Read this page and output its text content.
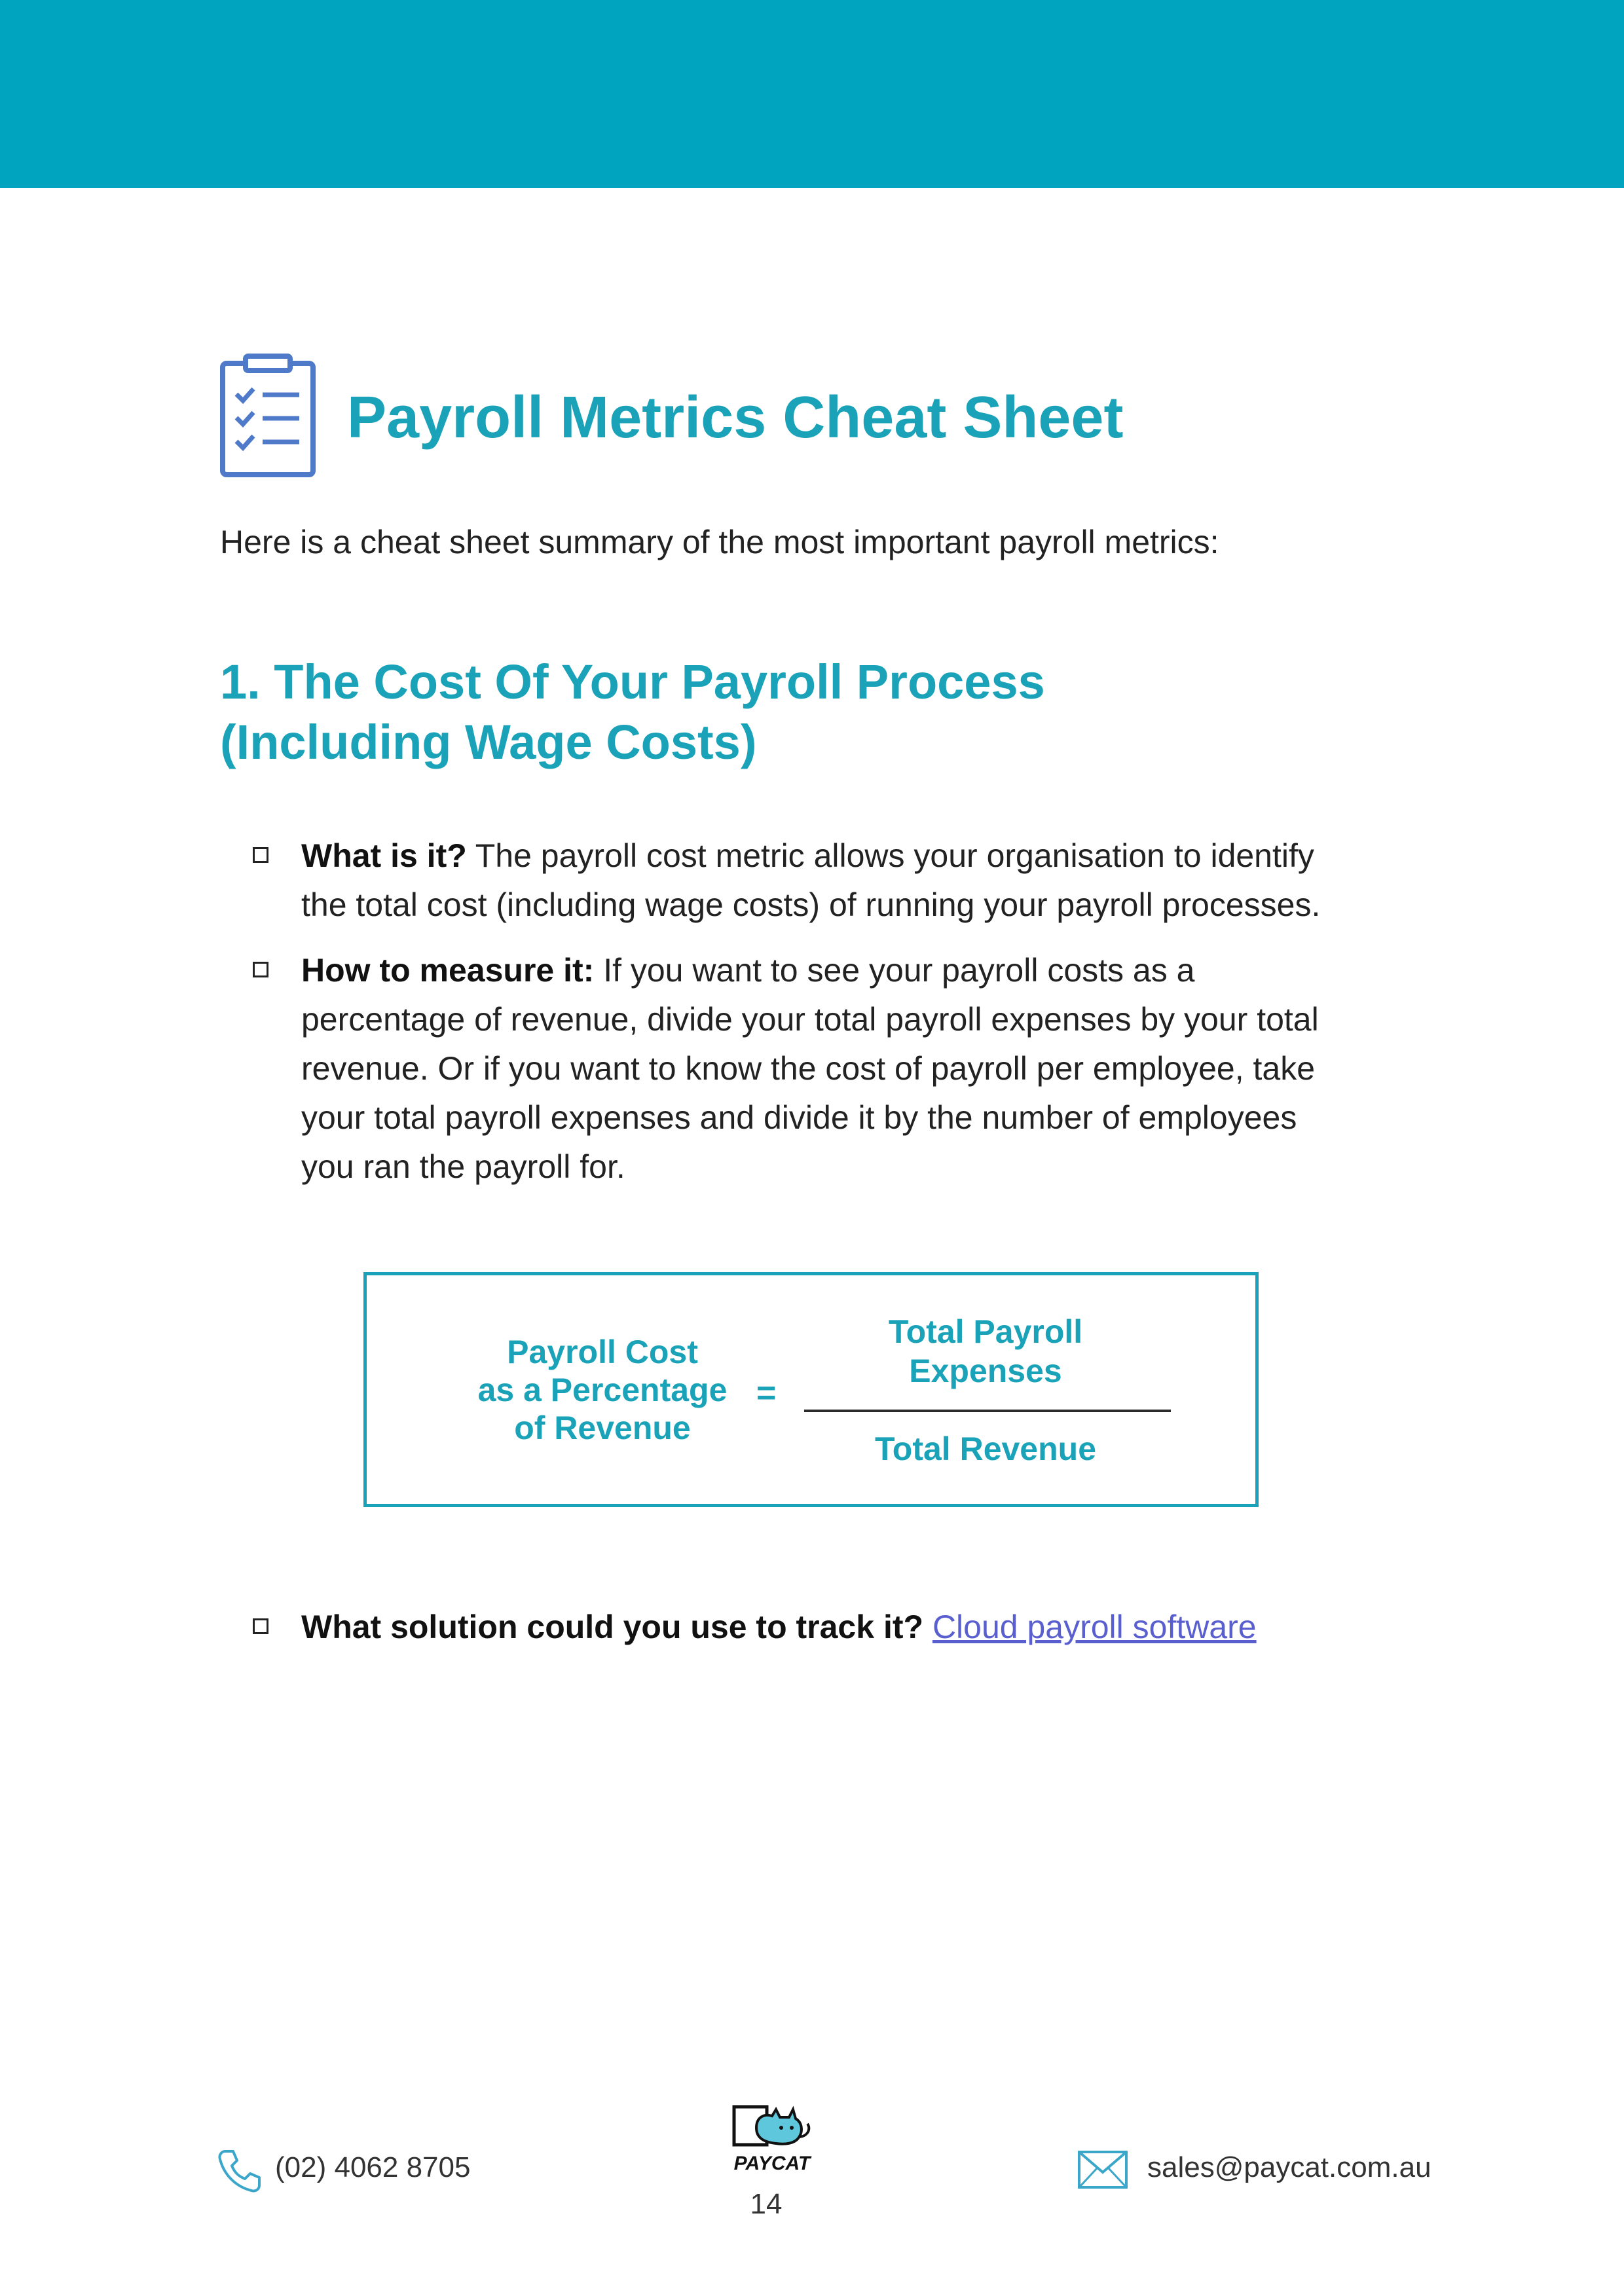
Payroll Metrics Cheat Sheet

Here is a cheat sheet summary of the most important payroll metrics:

1. The Cost Of Your Payroll Process
(Including Wage Costs)

What is it? The payroll cost metric allows your organisation to identify
the total cost (including wage costs) of running your payroll processes.

How to measure it: If you want to see your payroll costs as a
percentage of revenue, divide your total payroll expenses by your total
revenue. Or if you want to know the cost of payroll per employee, take
your total payroll expenses and divide it by the number of employees
you ran the payroll for.

Payroll Cost
as a Percentage
of Revenue
=
Total Payroll
Expenses
Total Revenue

What solution could you use to track it? Cloud payroll software

(02) 4062 8705	PAYCAT
14
sales@paycat.com.au
